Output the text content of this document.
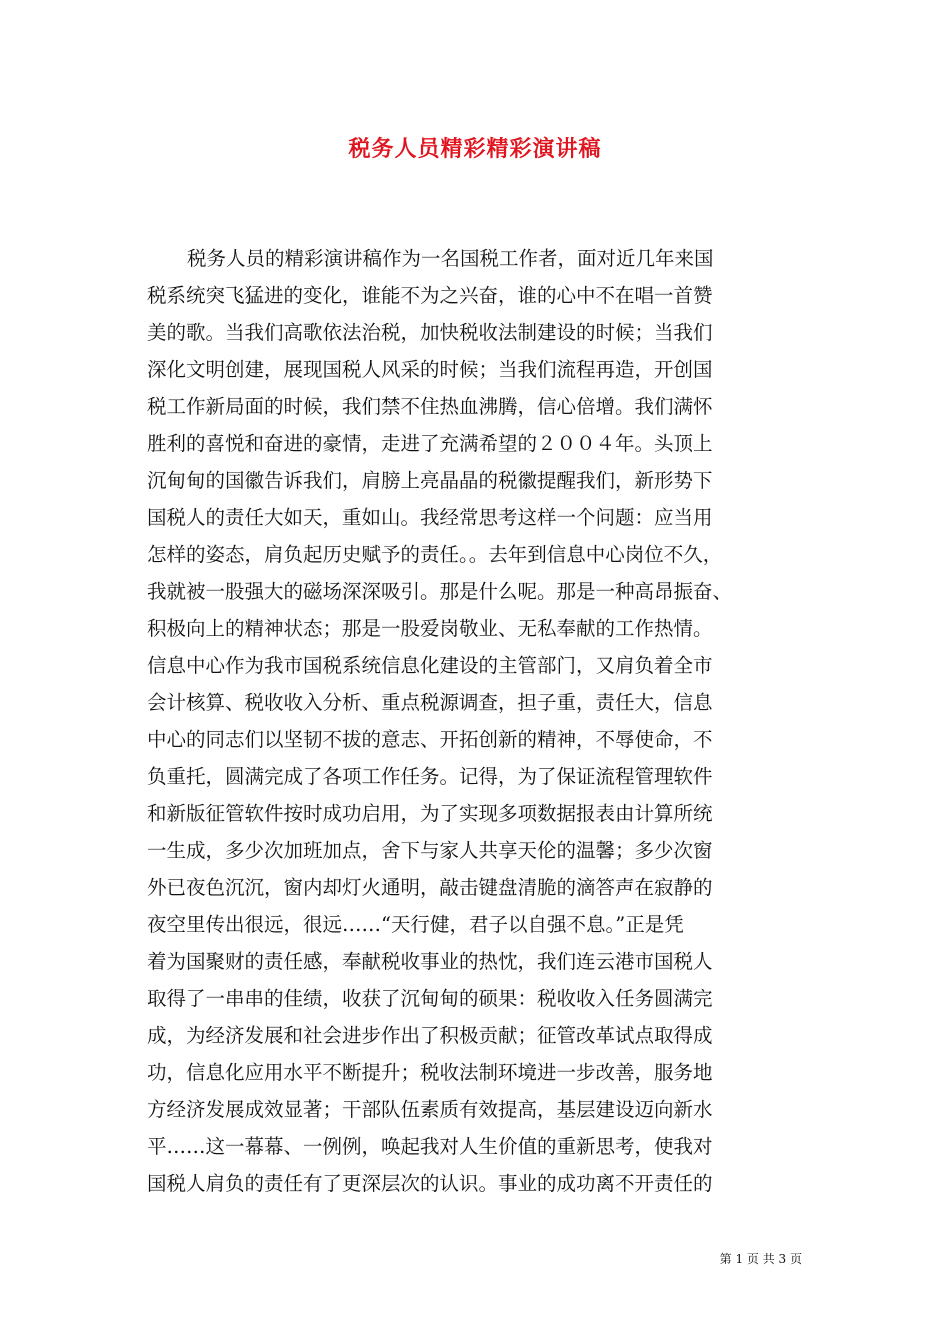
税务人员精彩精彩演讲稿
税务人员的精彩演讲稿作为一名国税工作者，面对近几年来国
税系统突飞猛进的变化，谁能不为之兴奋，谁的心中不在唱一首赞
美的歌。当我们高歌依法治税，加快税收法制建设的时候；当我们
深化文明创建，展现国税人风采的时候；当我们流程再造，开创国
税工作新局面的时候，我们禁不住热血沸腾，信心倍增。我们满怀
胜利的喜悦和奋进的豪情，走进了充满希望的２００４年。头顶上
沉甸甸的国徽告诉我们，肩膀上亮晶晶的税徽提醒我们，新形势下
国税人的责任大如天，重如山。我经常思考这样一个问题：应当用
怎样的姿态，肩负起历史赋予的责任。。去年到信息中心岗位不久，
我就被一股强大的磁场深深吸引。那是什么呢。那是一种高昂振奋、
积极向上的精神状态；那是一股爱岗敬业、无私奉献的工作热情。
信息中心作为我市国税系统信息化建设的主管部门，又肩负着全市
会计核算、税收收入分析、重点税源调查，担子重，责任大，信息
中心的同志们以坚韧不拔的意志、开拓创新的精神，不辱使命，不
负重托，圆满完成了各项工作任务。记得，为了保证流程管理软件
和新版征管软件按时成功启用，为了实现多项数据报表由计算所统
一生成，多少次加班加点，舍下与家人共享天伦的温馨；多少次窗
外已夜色沉沉，窗内却灯火通明，敲击键盘清脆的滴答声在寂静的
夜空里传出很远，很远……“天行健，君子以自强不息。”正是凭
着为国聚财的责任感，奉献税收事业的热忱，我们连云港市国税人
取得了一串串的佳绩，收获了沉甸甸的硕果：税收收入任务圆满完
成，为经济发展和社会进步作出了积极贡献；征管改革试点取得成
功，信息化应用水平不断提升；税收法制环境进一步改善，服务地
方经济发展成效显著；干部队伍素质有效提高，基层建设迈向新水
平……这一幕幕、一例例，唤起我对人生价值的重新思考，使我对
国税人肩负的责任有了更深层次的认识。事业的成功离不开责任的
第 1 页 共 3 页
